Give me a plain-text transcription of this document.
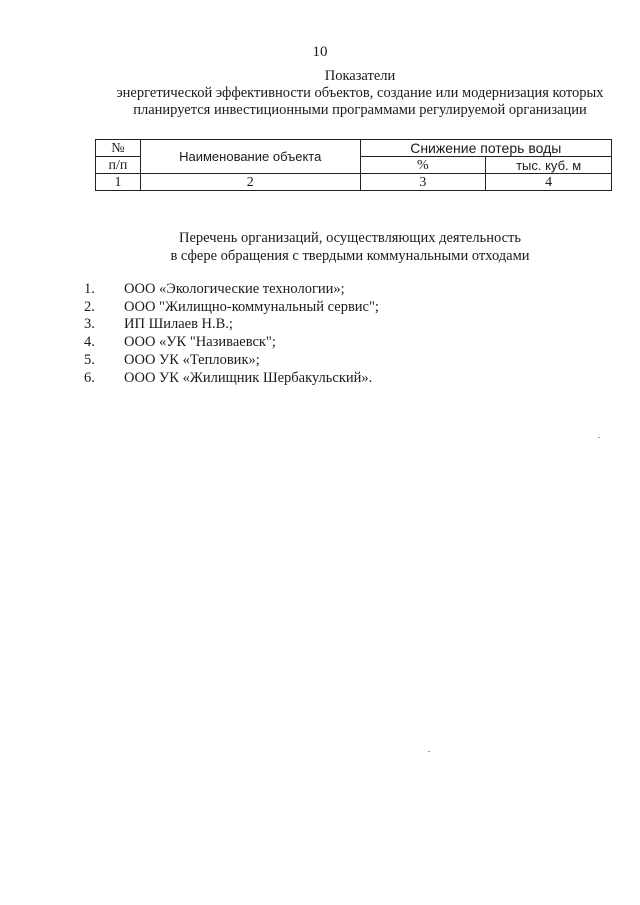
10
Показатели
энергетической эффективности объектов, создание или модернизация которых
планируется инвестиционными программами регулируемой организации
№	Наименование объекта	Снижение потерь воды	

п/п		%	тыс. куб. м
1	2	3	4
Перечень организаций, осуществляющих деятельность
в сфере обращения с твердыми коммунальными отходами
1. ООО «Экологические технологии»;
2. ООО "Жилищно-коммунальный сервис";
3. ИП Шилаев Н.В.;
4. ООО «УК "Називаевск";
5. ООО УК «Тепловик»;
6. ООО УК «Жилищник Шербакульский».
